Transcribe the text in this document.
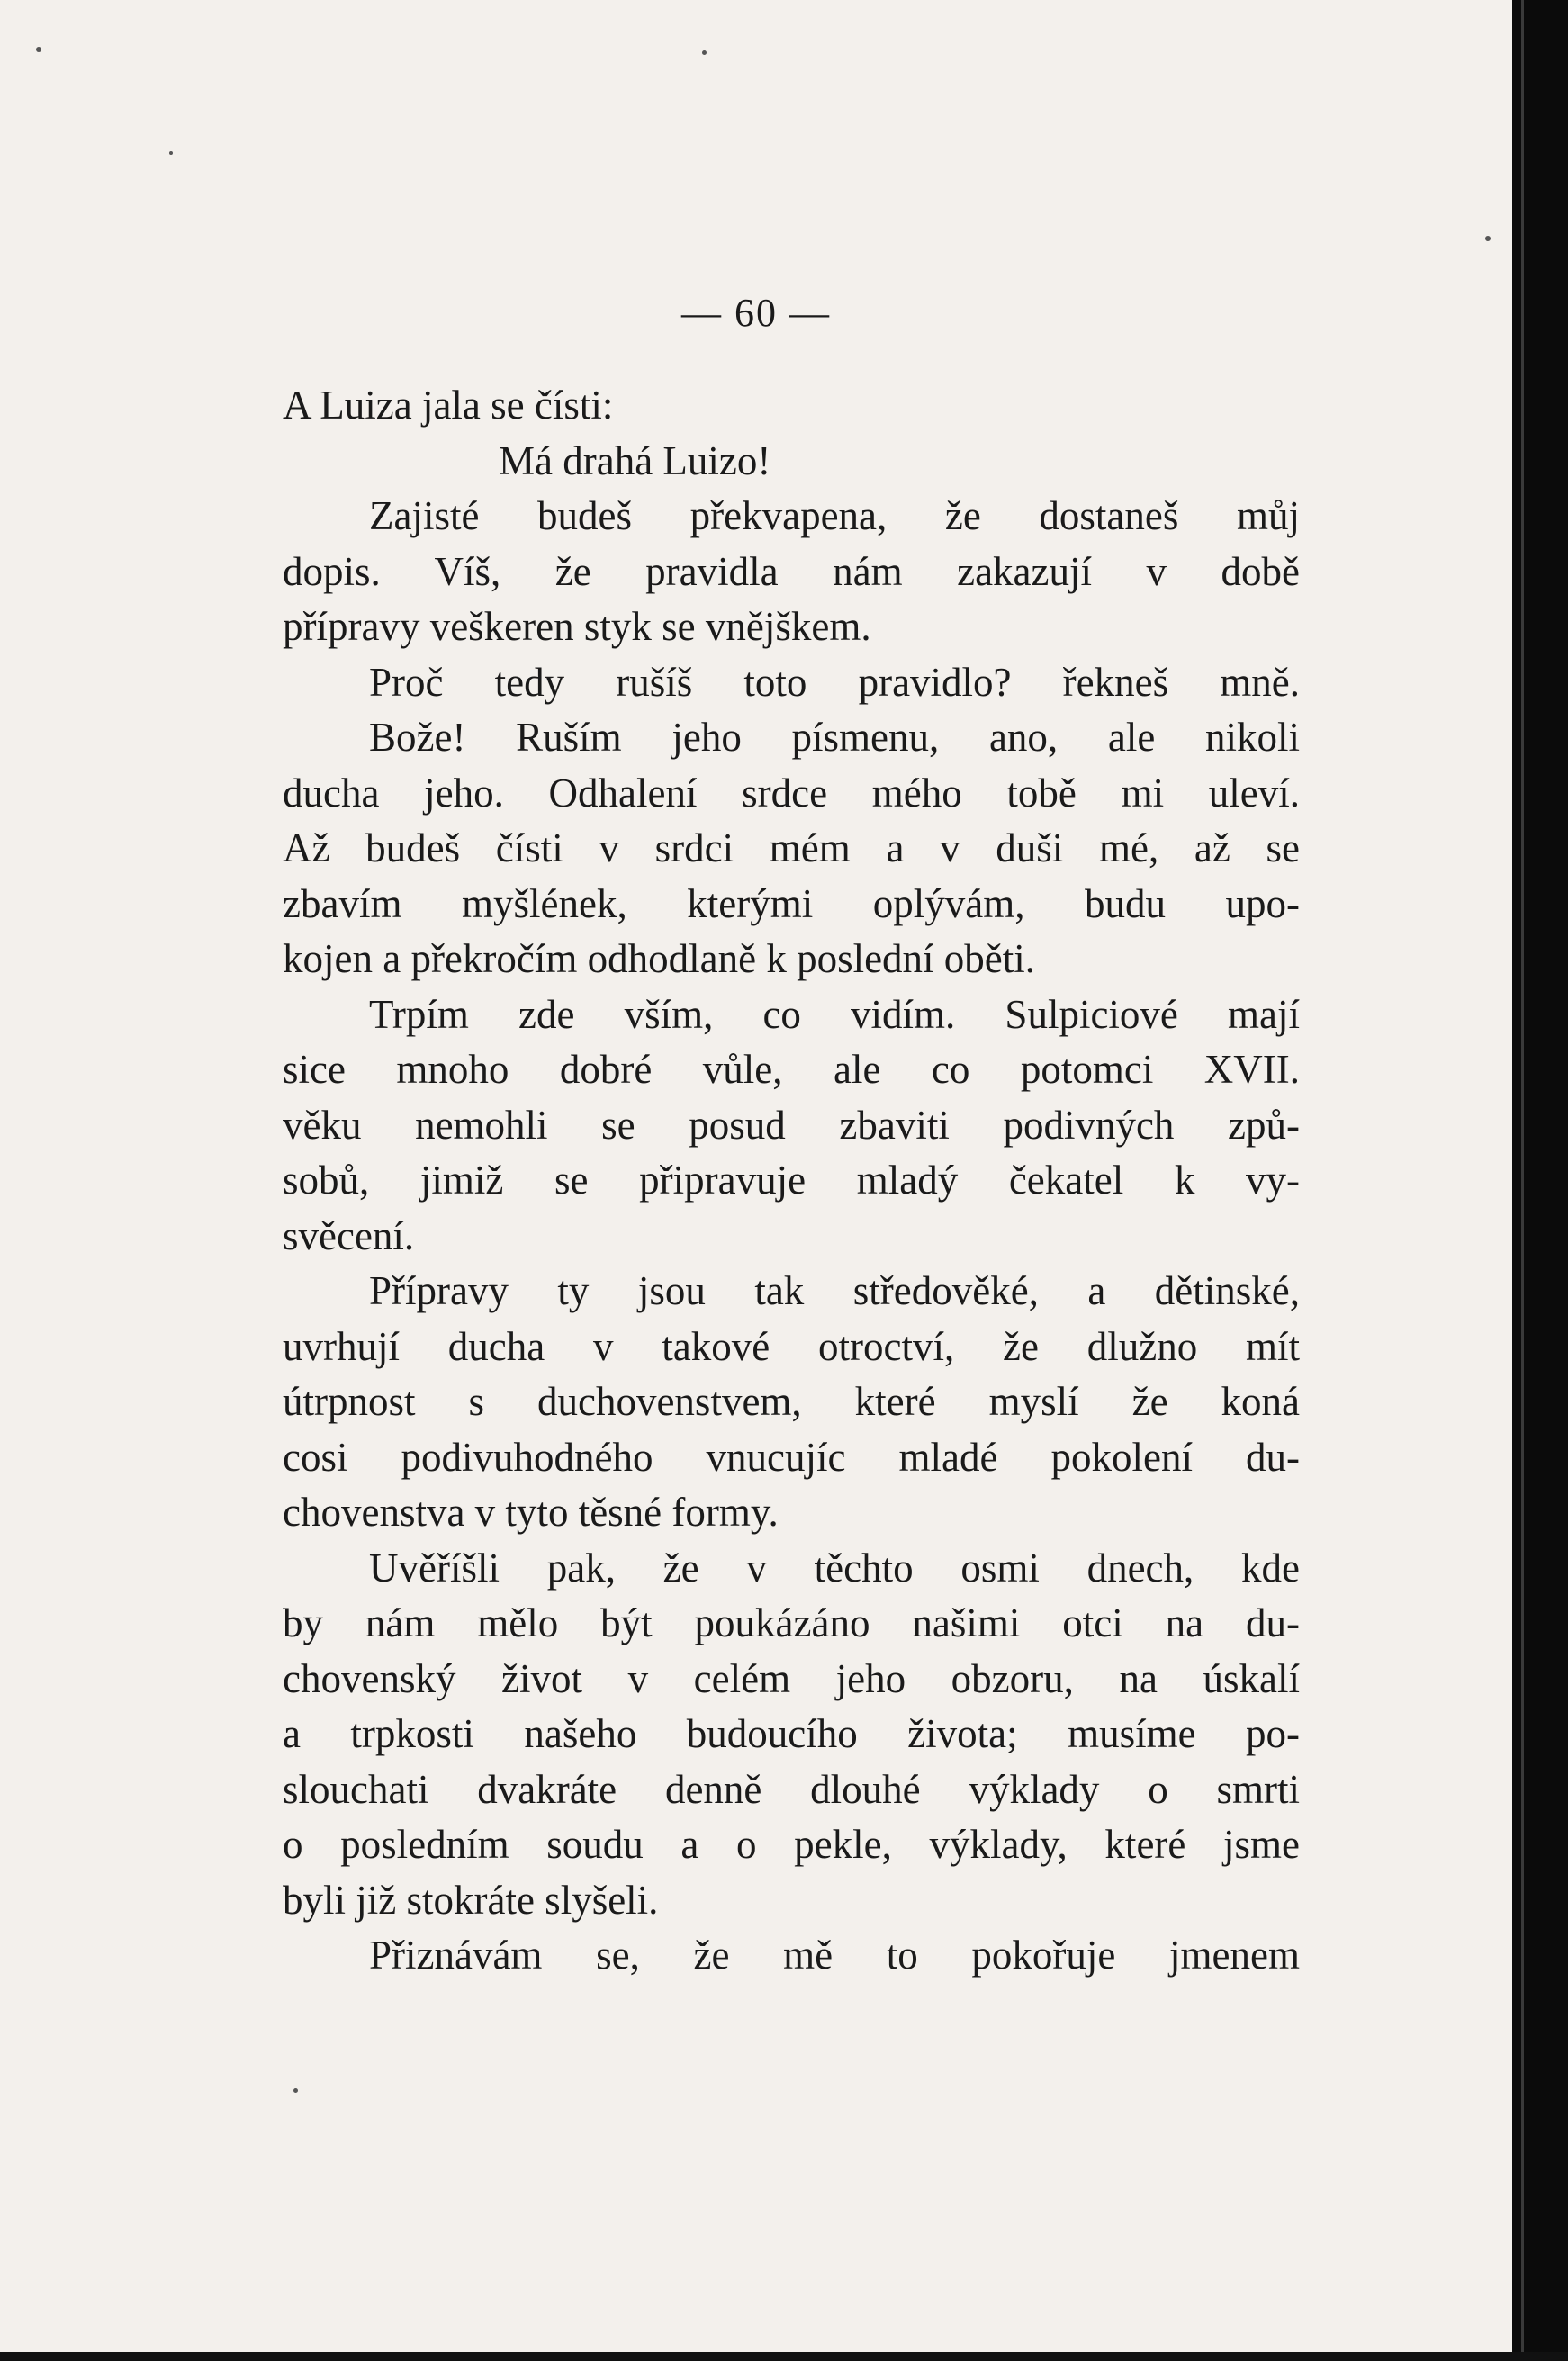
— 60 —
A Luiza jala se čísti:
Má drahá Luizo!
Zajisté budeš překvapena, že dostaneš můj
dopis. Víš, že pravidla nám zakazují v době
přípravy veškeren styk se vnějškem.
Proč tedy rušíš toto pravidlo? řekneš mně.
Bože! Ruším jeho písmenu, ano, ale nikoli
ducha jeho. Odhalení srdce mého tobě mi uleví.
Až budeš čísti v srdci mém a v duši mé, až se
zbavím myšlének, kterými oplývám, budu upo-
kojen a překročím odhodlaně k poslední oběti.
Trpím zde vším, co vidím. Sulpiciové mají
sice mnoho dobré vůle, ale co potomci XVII.
věku nemohli se posud zbaviti podivných způ-
sobů, jimiž se připravuje mladý čekatel k vy-
svěcení.
Přípravy ty jsou tak středověké, a dětinské,
uvrhují ducha v takové otroctví, že dlužno mít
útrpnost s duchovenstvem, které myslí že koná
cosi podivuhodného vnucujíc mladé pokolení du-
chovenstva v tyto těsné formy.
Uvěříšli pak, že v těchto osmi dnech, kde
by nám mělo být poukázáno našimi otci na du-
chovenský život v celém jeho obzoru, na úskalí
a trpkosti našeho budoucího života; musíme po-
slouchati dvakráte denně dlouhé výklady o smrti
o posledním soudu a o pekle, výklady, které jsme
byli již stokráte slyšeli.
Přiznávám se, že mě to pokořuje jmenem
